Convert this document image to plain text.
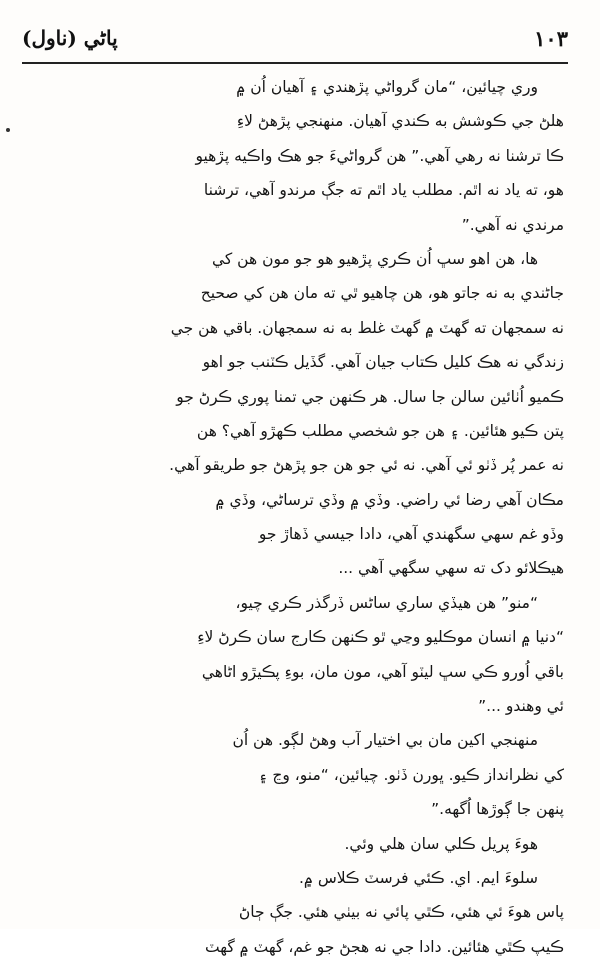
پاڻي (ناول)	١٠٣
وري چيائين، “مان گرواڻي پڙهندي ۽ آهيان اُن ۾
هلڻ جي ڪوشش به ڪندي آهيان. منهنجي پڙهڻ لاءِ
ڪا ترشنا نه رهي آهي.” هن گرواڻيءَ جو هڪ واڪيه پڙهيو
هو، ته ياد نه اٿم. مطلب ياد اٿم ته جڳ مرندو آهي، ترشنا
مرندي نه آهي.”
ها، هن اهو سڀ اُن ڪري پڙهيو هو جو مون هن کي
جاڻندي به نه جاتو هو، هن چاهيو ٿي ته مان هن کي صحيح
نه سمجهان ته گهٽ ۾ گهٽ غلط به نه سمجهان. باقي هن جي
زندگي نه هڪ کليل ڪتاب جيان آهي. گڏيل ڪٽنب جو اهو
ڪميو اُٺائين سالن جا سال. هر ڪنهن جي تمنا پوري ڪرڻ جو
پتن ڪيو هئائين. ۽ هن جو شخصي مطلب ڪهڙو آهي؟ هن
نه عمر پُر ڏٺو ئي آهي. نه ئي جو هن جو پڙهڻ جو طريقو آهي.
مڪان آهي رضا ئي راضي. وڏي ۾ وڏي ترساڻي، وڏي ۾
وڏو غم سهي سگهندي آهي، دادا جيسي ڏهاڙ جو
هيڪلائو دک ته سهي سگهي آهي ...
“منو” هن هيڏي ساري ساڻس ڏرگذر ڪري چيو،
“دنيا ۾ انسان موڪليو وڃي ٿو ڪنهن ڪارج سان ڪرڻ لاءِ
باقي اُورو ڪي سڀ ليٽو آهي، مون مان، بوءِ پڪيڙو اڻاهي
ئي وهندو ...”
منهنجي اکين مان بي اختيار آب وهڻ لڳو. هن اُن
کي نظرانداز ڪيو. ڀورن ڏٺو. چيائين، “منو، وڃ ۽
پنهن جا ڳوڙها اُگهه.”
هوءَ پريل ڪلي سان هلي وئي.
سلوءَ ايم. اي. ڪئي فرسٽ ڪلاس ۾.
پاس هوءَ ئي هئي، ڪٿي پائي نه بيٺي هئي. جڳ ڄاڻ
ڪيپ ڪٿي هئائين. دادا جي نه هجڻ جو غم، گهٽ ۾ گهٽ
